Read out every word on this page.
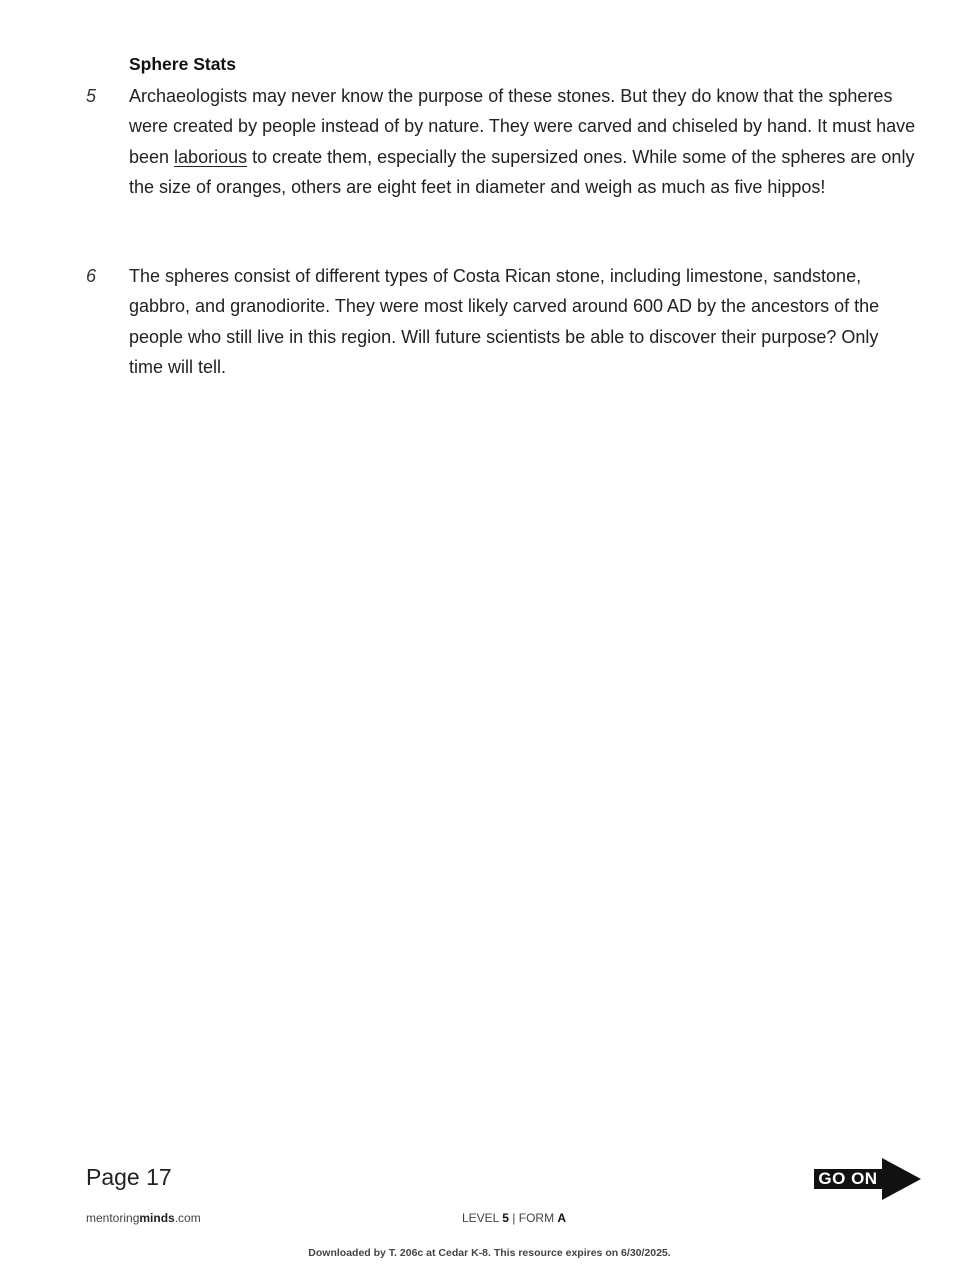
Sphere Stats
5 Archaeologists may never know the purpose of these stones. But they do know that the spheres were created by people instead of by nature. They were carved and chiseled by hand. It must have been laborious to create them, especially the supersized ones. While some of the spheres are only the size of oranges, others are eight feet in diameter and weigh as much as five hippos!
6 The spheres consist of different types of Costa Rican stone, including limestone, sandstone, gabbro, and granodiorite. They were most likely carved around 600 AD by the ancestors of the people who still live in this region. Will future scientists be able to discover their purpose? Only time will tell.
Page 17	GO ON
mentoringminds.com	LEVEL 5 | FORM A
Downloaded by T. 206c at Cedar K-8. This resource expires on 6/30/2025.
